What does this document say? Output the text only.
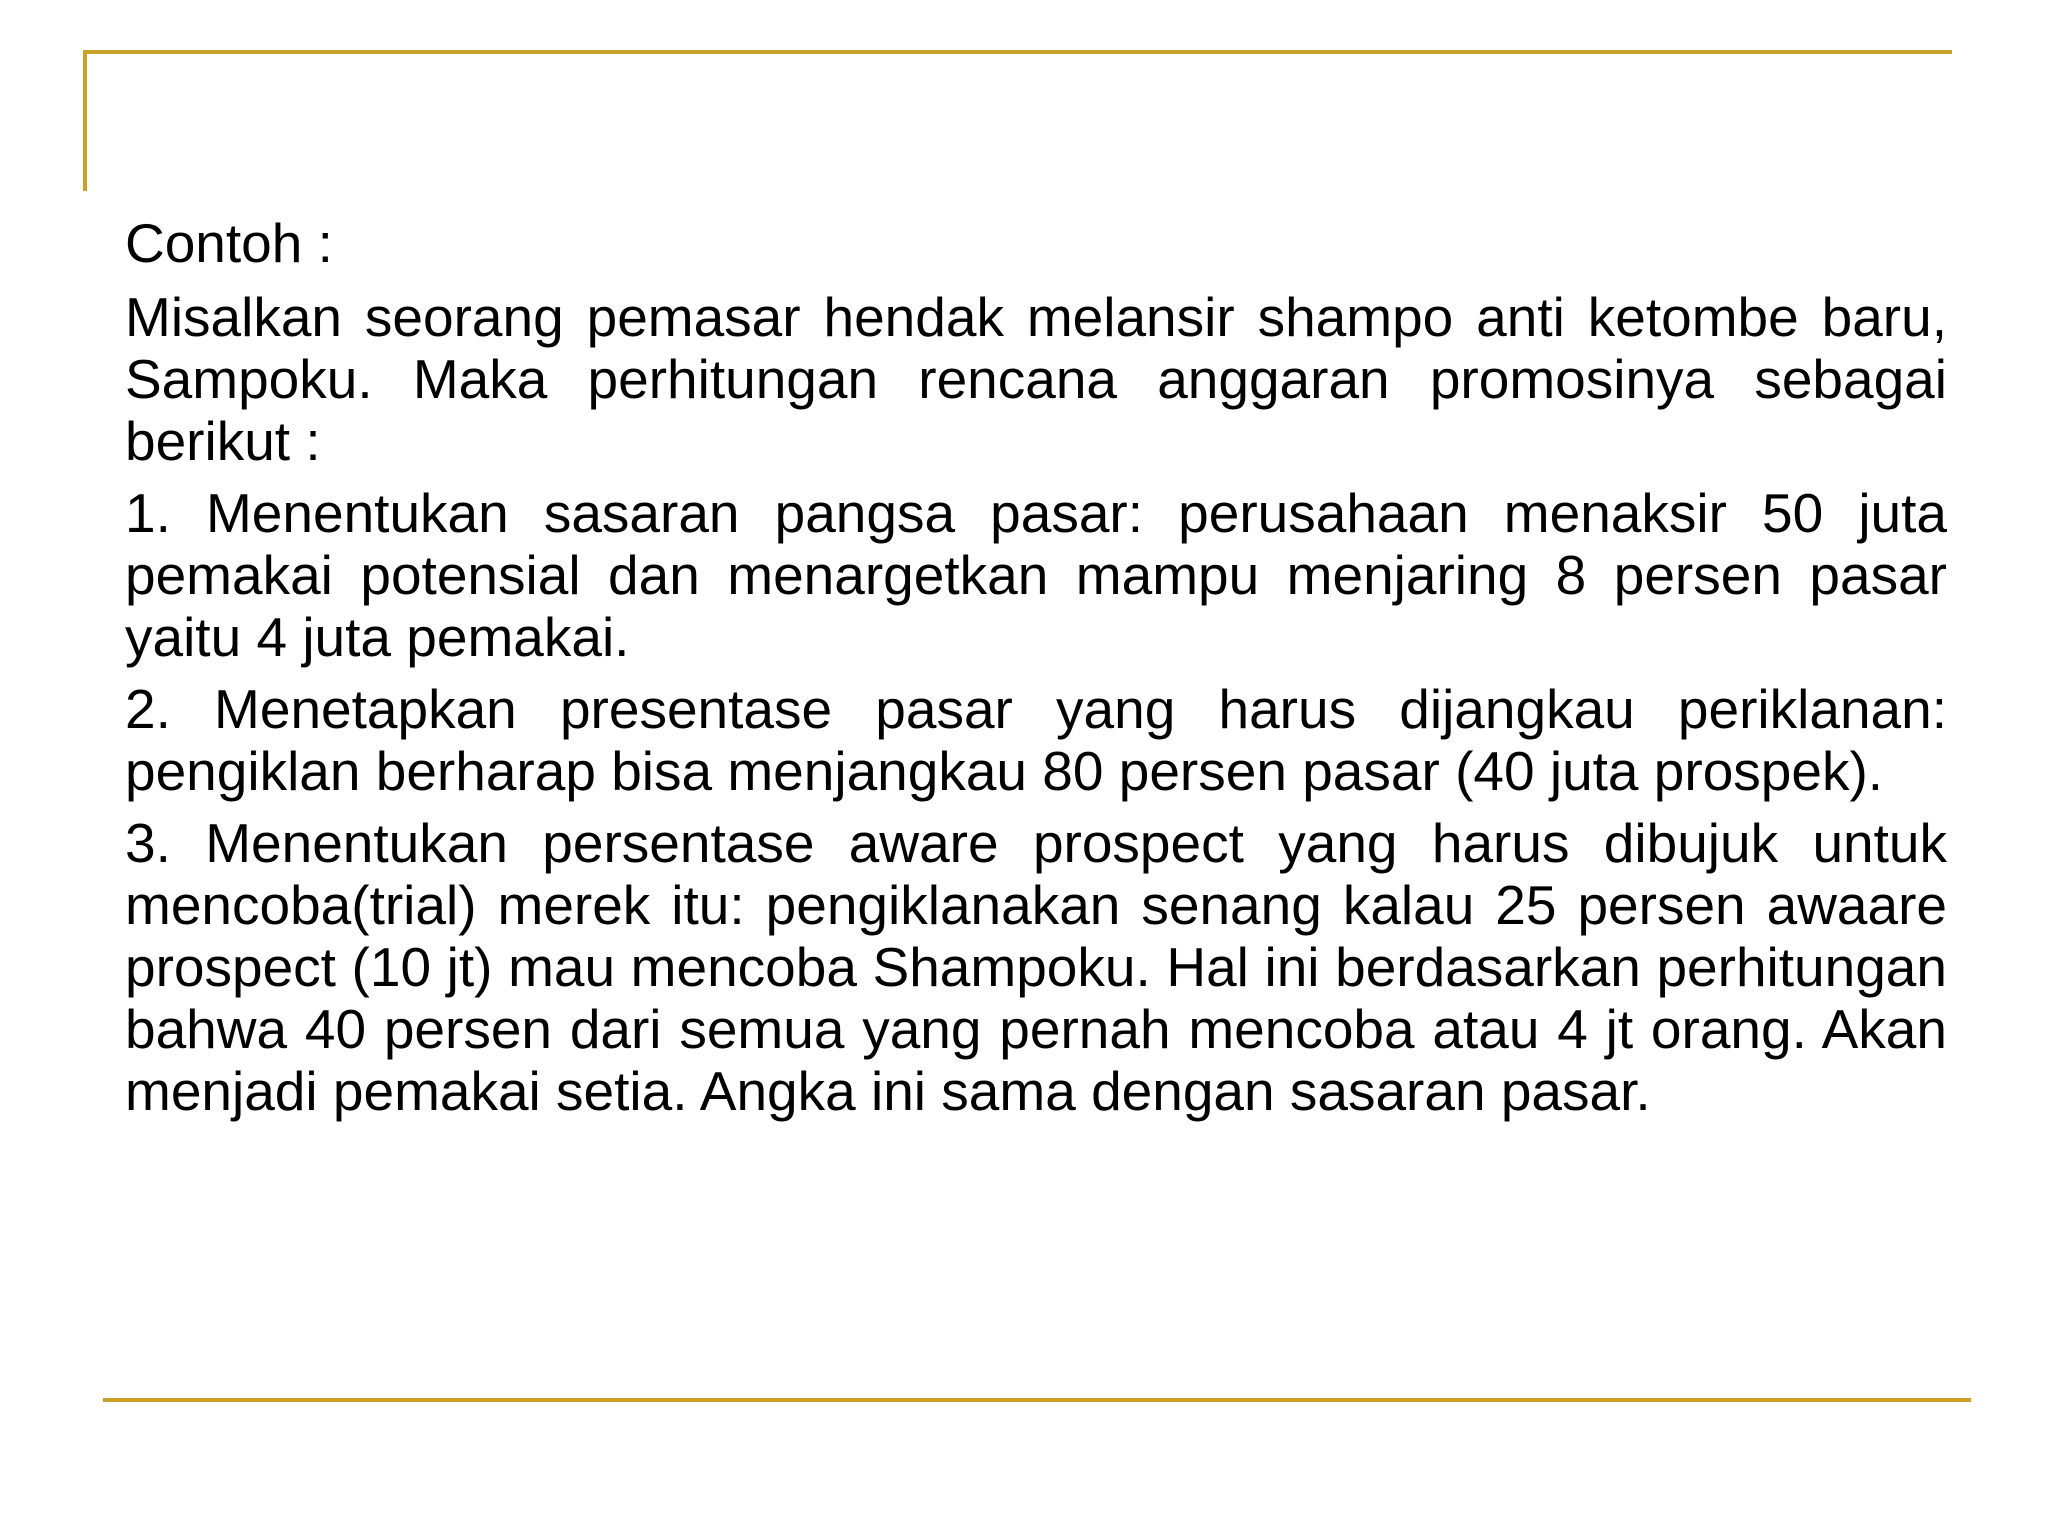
Contoh :

Misalkan seorang pemasar hendak melansir shampo anti ketombe baru, Sampoku. Maka perhitungan rencana anggaran promosinya sebagai berikut :

1. Menentukan sasaran pangsa pasar: perusahaan menaksir 50 juta pemakai potensial dan menargetkan mampu menjaring 8 persen pasar yaitu 4 juta pemakai.

2. Menetapkan presentase pasar yang harus dijangkau periklanan: pengiklan berharap bisa menjangkau 80 persen pasar (40 juta prospek).

3. Menentukan persentase aware prospect yang harus dibujuk untuk mencoba(trial) merek itu: pengiklanakan senang kalau 25 persen awaare prospect (10 jt) mau mencoba Shampoku. Hal ini berdasarkan perhitungan bahwa 40 persen dari semua yang pernah mencoba atau 4 jt orang. Akan menjadi pemakai setia. Angka ini sama dengan sasaran pasar.
